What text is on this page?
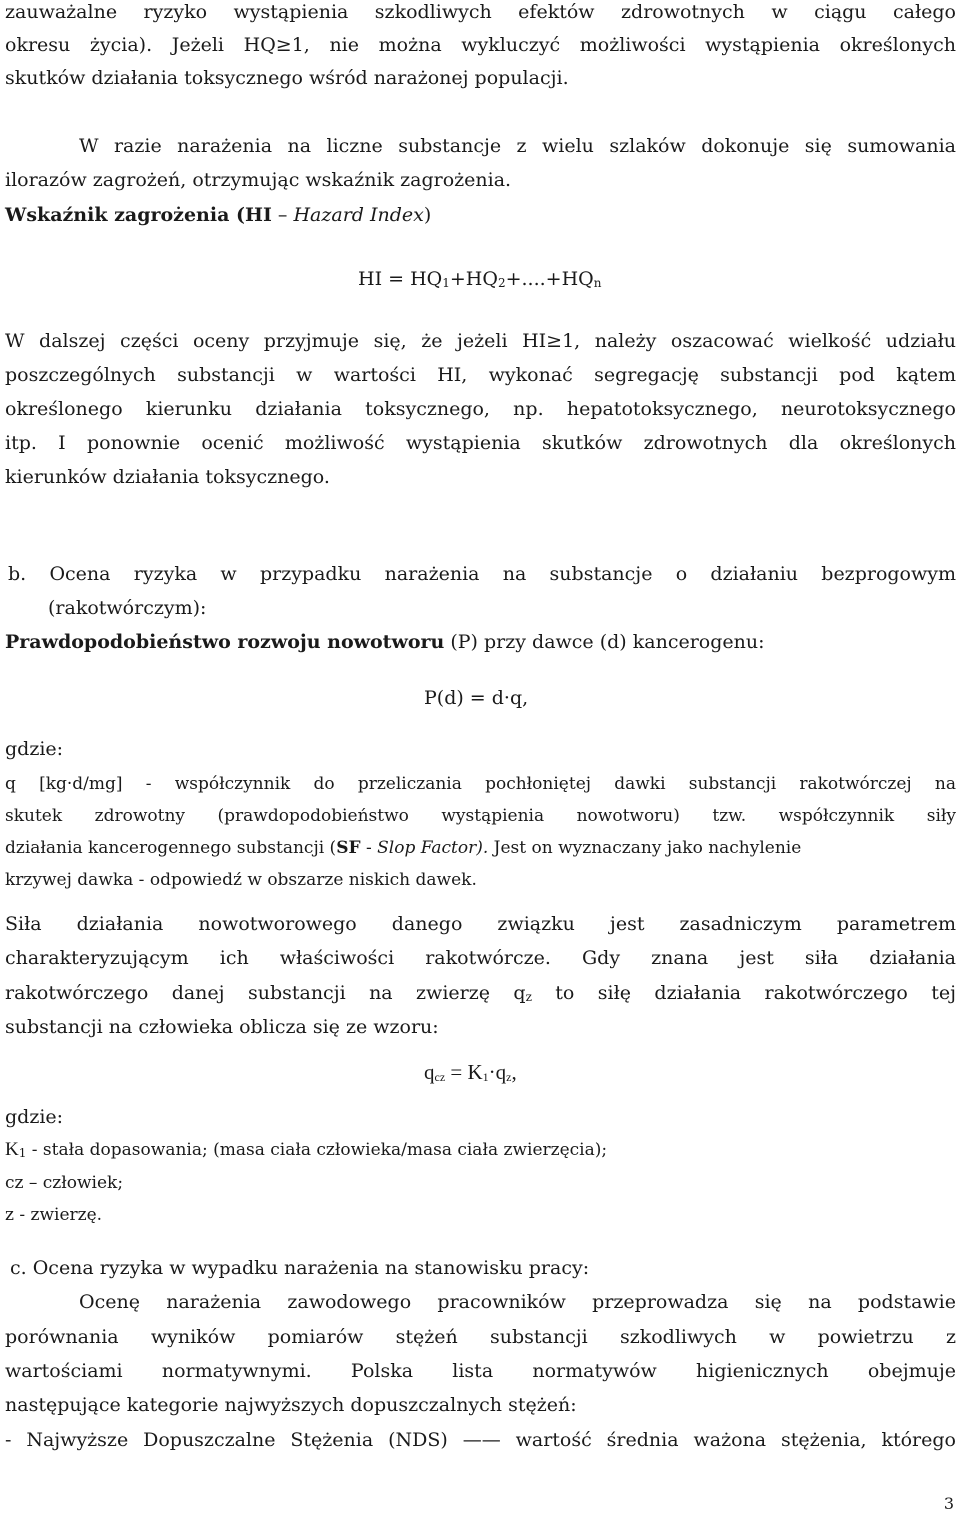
zauważalne ryzyko wystąpienia szkodliwych efektów zdrowotnych w ciągu całego
okresu życia). Jeżeli HQ≥1, nie można wykluczyć możliwości wystąpienia określonych
skutków działania toksycznego wśród narażonej populacji.
W razie narażenia na liczne substancje z wielu szlaków dokonuje się sumowania
ilorazów zagrożeń, otrzymując wskaźnik zagrożenia.
Wskaźnik zagrożenia (HI – Hazard Index)
HI = $HQ_1+HQ_2+....+HQ_n$
W dalszej części oceny przyjmuje się, że jeżeli HI≥1, należy oszacować wielkość udziału
poszczególnych substancji w wartości HI, wykonać segregację substancji pod kątem
określonego kierunku działania toksycznego, np. hepatotoksycznego, neurotoksycznego
itp. I ponownie ocenić możliwość wystąpienia skutków zdrowotnych dla określonych
kierunków działania toksycznego.
b. Ocena ryzyka w przypadku narażenia na substancje o działaniu bezprogowym
(rakotwórczym):
Prawdopodobieństwo rozwoju nowotworu (P) przy dawce (d) kancerogenu:
P(d) = d·q,
gdzie:
q [kg·d/mg] - współczynnik do przeliczania pochłoniętej dawki substancji rakotwórczej na
skutek zdrowotny (prawdopodobieństwo wystąpienia nowotworu) tzw. współczynnik siły
działania kancerogennego substancji (SF - Slop Factor). Jest on wyznaczany jako nachylenie
krzywej dawka - odpowiedź w obszarze niskich dawek.
Siła działania nowotworowego danego związku jest zasadniczym parametrem
charakteryzującym ich właściwości rakotwórcze. Gdy znana jest siła działania
rakotwórczego danej substancji na zwierzę $q_z$ to siłę działania rakotwórczego tej
substancji na człowieka oblicza się ze wzoru:
$q_{cz} = K_1\cdot q_z$,
gdzie:
$K_1$ - stała dopasowania; (masa ciała człowieka/masa ciała zwierzęcia);
cz – człowiek;
z - zwierzę.
c. Ocena ryzyka w wypadku narażenia na stanowisku pracy:
Ocenę narażenia zawodowego pracowników przeprowadza się na podstawie
porównania wyników pomiarów stężeń substancji szkodliwych w powietrzu z
wartościami normatywnymi. Polska lista normatywów higienicznych obejmuje
następujące kategorie najwyższych dopuszczalnych stężeń:
- Najwyższe Dopuszczalne Stężenia (NDS) —— wartość średnia ważona stężenia, którego
3
